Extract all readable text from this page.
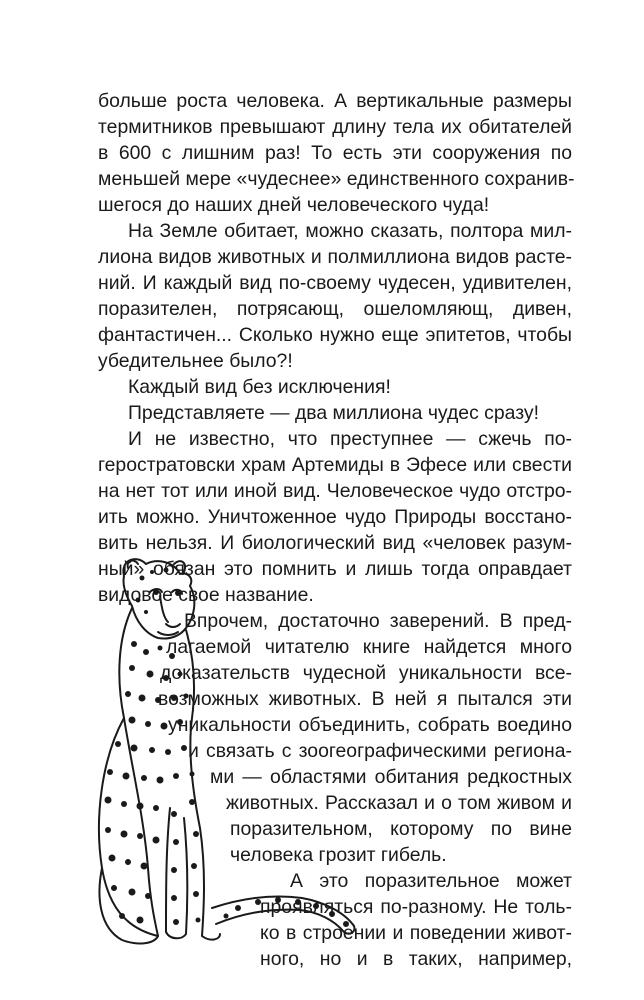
больше роста человека. А вертикальные размеры
термитников превышают длину тела их обитателей
в 600 с лишним раз! То есть эти сооружения по
меньшей мере «чудеснее» единственного сохранив-
шегося до наших дней человеческого чуда!
На Земле обитает, можно сказать, полтора мил-
лиона видов животных и полмиллиона видов расте-
ний. И каждый вид по-своему чудесен, удивителен,
поразителен, потрясающ, ошеломляющ, дивен,
фантастичен... Сколько нужно еще эпитетов, чтобы
убедительнее было?!
Каждый вид без исключения!
Представляете — два миллиона чудес сразу!
И не известно, что преступнее — сжечь по-
геростратовски храм Артемиды в Эфесе или свести
на нет тот или иной вид. Человеческое чудо отстро-
ить можно. Уничтоженное чудо Природы восстано-
вить нельзя. И биологический вид «человек разум-
ный» обязан это помнить и лишь тогда оправдает
видовое свое название.
Впрочем, достаточно заверений. В пред-
лагаемой читателю книге найдется много
доказательств чудесной уникальности все-
возможных животных. В ней я пытался эти
уникальности объединить, собрать воедино
и связать с зоогеографическими региона-
ми — областями обитания редкостных
животных. Рассказал и о том живом и
поразительном, которому по вине
человека грозит гибель.
А это поразительное может
проявляться по-разному. Не толь-
ко в строении и поведении живот-
ного, но и в таких, например,
